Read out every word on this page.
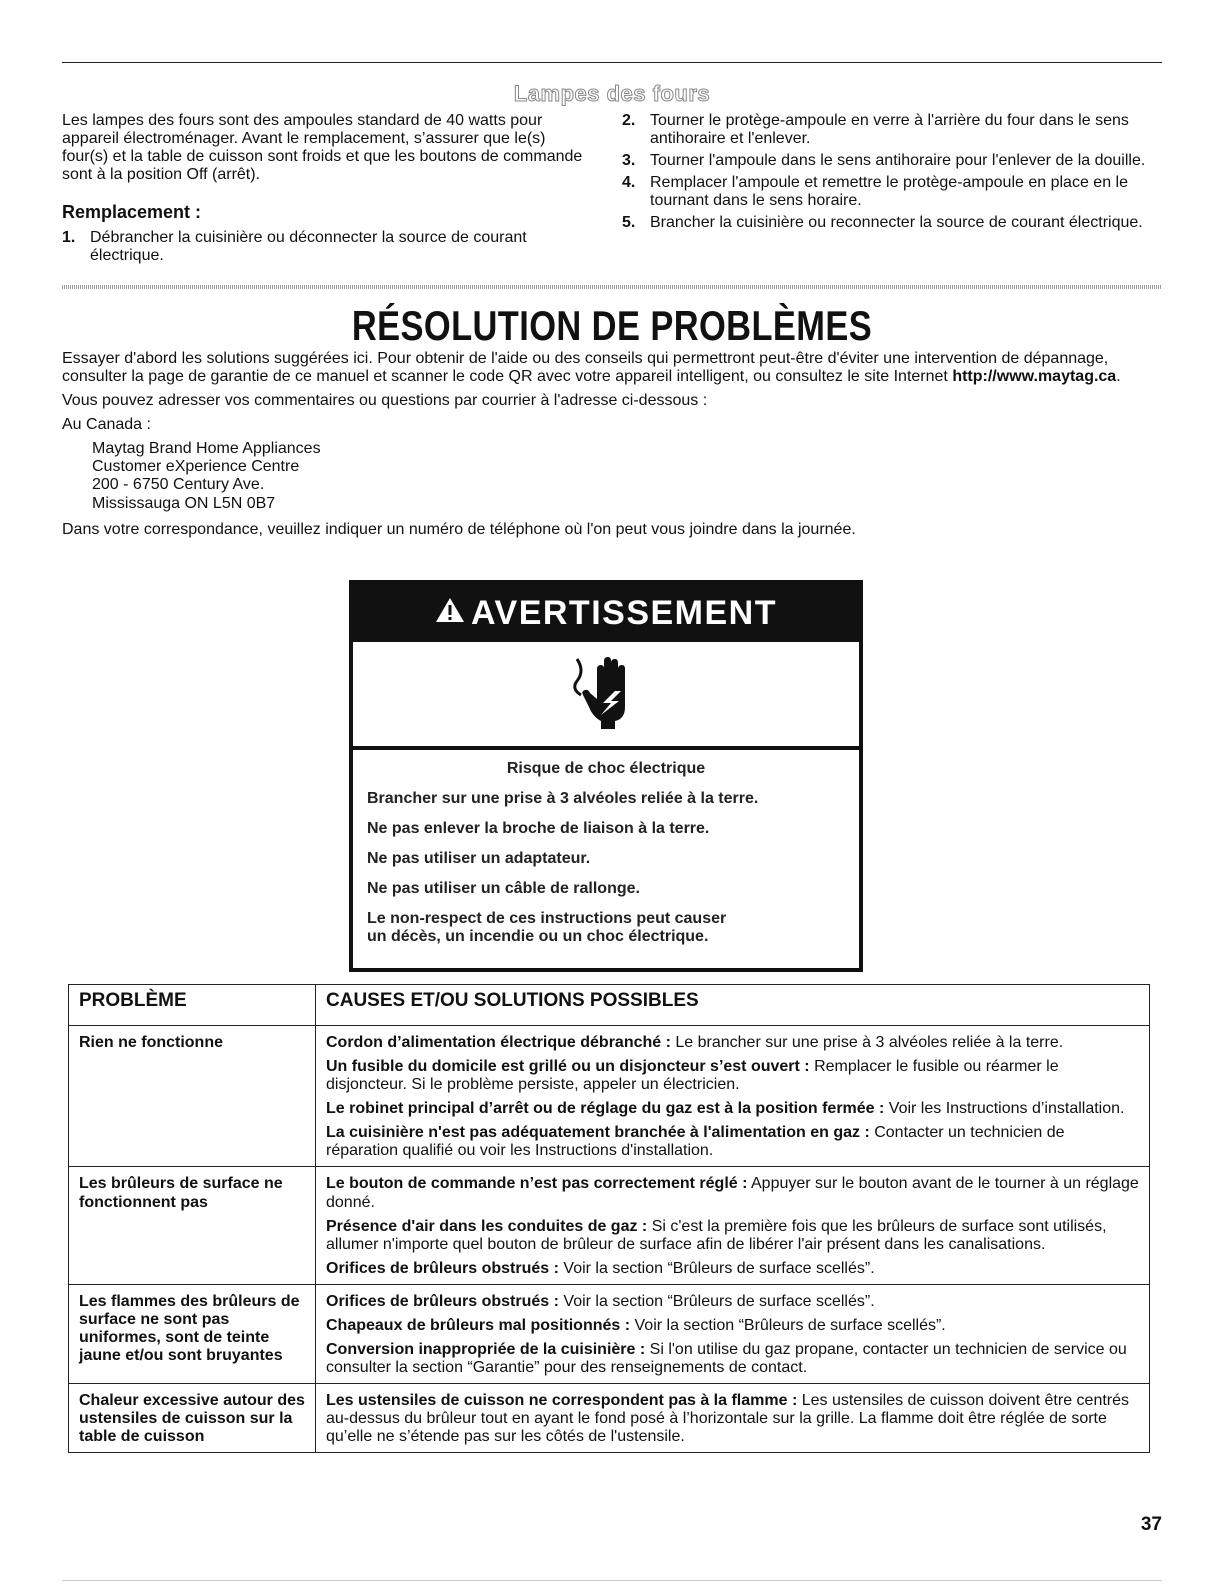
Lampes des fours

Les lampes des fours sont des ampoules standard de 40 watts pour appareil électroménager. Avant le remplacement, s’assurer que le(s) four(s) et la table de cuisson sont froids et que les boutons de commande sont à la position Off (arrêt).

Remplacement :

1. Débrancher la cuisinière ou déconnecter la source de courant électrique.
2. Tourner le protège-ampoule en verre à l'arrière du four dans le sens antihoraire et l'enlever.
3. Tourner l'ampoule dans le sens antihoraire pour l'enlever de la douille.
4. Remplacer l'ampoule et remettre le protège-ampoule en place en le tournant dans le sens horaire.
5. Brancher la cuisinière ou reconnecter la source de courant électrique.
RÉSOLUTION DE PROBLÈMES

Essayer d'abord les solutions suggérées ici. Pour obtenir de l'aide ou des conseils qui permettront peut-être d'éviter une intervention de dépannage, consulter la page de garantie de ce manuel et scanner le code QR avec votre appareil intelligent, ou consultez le site Internet http://www.maytag.ca.

Vous pouvez adresser vos commentaires ou questions par courrier à l'adresse ci-dessous :

Au Canada :

Maytag Brand Home Appliances
Customer eXperience Centre
200 - 6750 Century Ave.
Mississauga ON L5N 0B7

Dans votre correspondance, veuillez indiquer un numéro de téléphone où l'on peut vous joindre dans la journée.

AVERTISSEMENT

Risque de choc électrique

Brancher sur une prise à 3 alvéoles reliée à la terre.

Ne pas enlever la broche de liaison à la terre.

Ne pas utiliser un adaptateur.

Ne pas utiliser un câble de rallonge.

Le non-respect de ces instructions peut causer
un décès, un incendie ou un choc électrique.

PROBLÈME	CAUSES ET/OU SOLUTIONS POSSIBLES
Rien ne fonctionne	Cordon d’alimentation électrique débranché : Le brancher sur une prise à 3 alvéoles reliée à la terre.

Un fusible du domicile est grillé ou un disjoncteur s’est ouvert : Remplacer le fusible ou réarmer le disjoncteur. Si le problème persiste, appeler un électricien.

Le robinet principal d’arrêt ou de réglage du gaz est à la position fermée : Voir les Instructions d’installation.

La cuisinière n'est pas adéquatement branchée à l'alimentation en gaz : Contacter un technicien de réparation qualifié ou voir les Instructions d'installation.

Les brûleurs de surface ne fonctionnent pas	Le bouton de commande n’est pas correctement réglé : Appuyer sur le bouton avant de le tourner à un réglage donné.

Présence d'air dans les conduites de gaz : Si c'est la première fois que les brûleurs de surface sont utilisés, allumer n'importe quel bouton de brûleur de surface afin de libérer l'air présent dans les canalisations.

Orifices de brûleurs obstrués : Voir la section “Brûleurs de surface scellés”.

Les flammes des brûleurs de surface ne sont pas uniformes, sont de teinte jaune et/ou sont bruyantes	Orifices de brûleurs obstrués : Voir la section “Brûleurs de surface scellés”.

Chapeaux de brûleurs mal positionnés : Voir la section “Brûleurs de surface scellés”.

Conversion inappropriée de la cuisinière : Si l'on utilise du gaz propane, contacter un technicien de service ou consulter la section “Garantie” pour des renseignements de contact.

Chaleur excessive autour des ustensiles de cuisson sur la table de cuisson	Les ustensiles de cuisson ne correspondent pas à la flamme : Les ustensiles de cuisson doivent être centrés au-dessus du brûleur tout en ayant le fond posé à l’horizontale sur la grille. La flamme doit être réglée de sorte qu’elle ne s’étende pas sur les côtés de l'ustensile.

37
